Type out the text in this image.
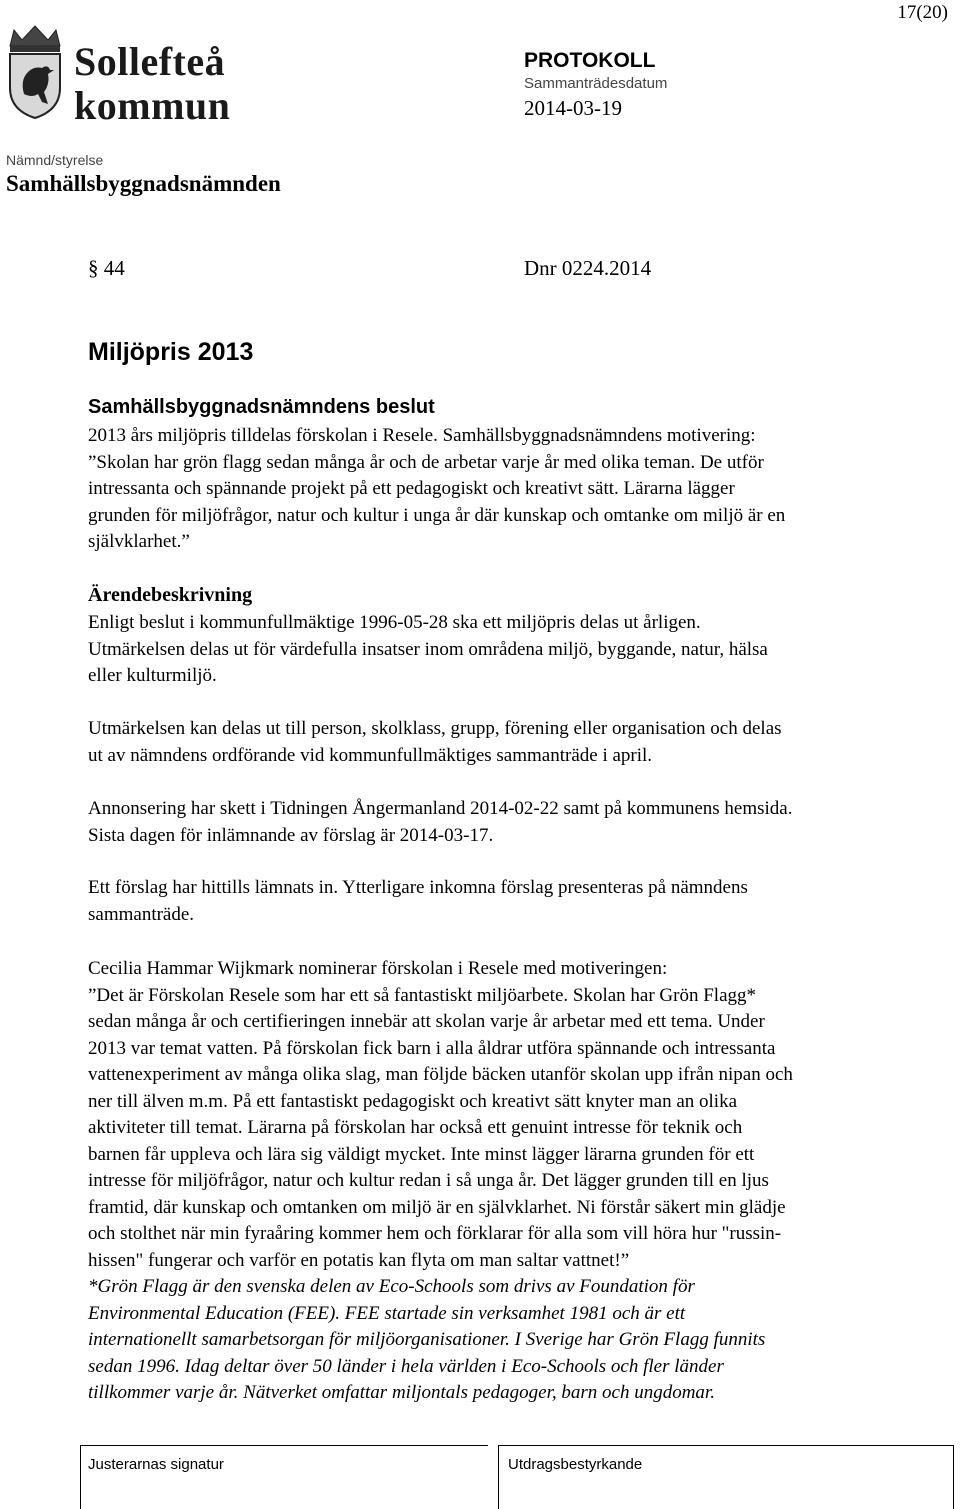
17(20)
Sollefteå
kommun
PROTOKOLL
Sammanträdesdatum
2014-03-19
Nämnd/styrelse
Samhällsbyggnadsnämnden
§ 44	Dnr 0224.2014
Miljöpris 2013
Samhällsbyggnadsnämndens beslut
2013 års miljöpris tilldelas förskolan i Resele. Samhällsbyggnadsnämndens motivering:
”Skolan har grön flagg sedan många år och de arbetar varje år med olika teman. De utför
intressanta och spännande projekt på ett pedagogiskt och kreativt sätt. Lärarna lägger
grunden för miljöfrågor, natur och kultur i unga år där kunskap och omtanke om miljö är en
självklarhet.”
Ärendebeskrivning
Enligt beslut i kommunfullmäktige 1996-05-28 ska ett miljöpris delas ut årligen.
Utmärkelsen delas ut för värdefulla insatser inom områdena miljö, byggande, natur, hälsa
eller kulturmiljö.
Utmärkelsen kan delas ut till person, skolklass, grupp, förening eller organisation och delas
ut av nämndens ordförande vid kommunfullmäktiges sammanträde i april.
Annonsering har skett i Tidningen Ångermanland 2014-02-22 samt på kommunens hemsida.
Sista dagen för inlämnande av förslag är 2014-03-17.
Ett förslag har hittills lämnats in. Ytterligare inkomna förslag presenteras på nämndens
sammanträde.
Cecilia Hammar Wijkmark nominerar förskolan i Resele med motiveringen:
”Det är Förskolan Resele som har ett så fantastiskt miljöarbete. Skolan har Grön Flagg*
sedan många år och certifieringen innebär att skolan varje år arbetar med ett tema. Under
2013 var temat vatten. På förskolan fick barn i alla åldrar utföra spännande och intressanta
vattenexperiment av många olika slag, man följde bäcken utanför skolan upp ifrån nipan och
ner till älven m.m. På ett fantastiskt pedagogiskt och kreativt sätt knyter man an olika
aktiviteter till temat. Lärarna på förskolan har också ett genuint intresse för teknik och
barnen får uppleva och lära sig väldigt mycket. Inte minst lägger lärarna grunden för ett
intresse för miljöfrågor, natur och kultur redan i så unga år. Det lägger grunden till en ljus
framtid, där kunskap och omtanken om miljö är en självklarhet. Ni förstår säkert min glädje
och stolthet när min fyraåring kommer hem och förklarar för alla som vill höra hur "russin-
hissen" fungerar och varför en potatis kan flyta om man saltar vattnet!”
*Grön Flagg är den svenska delen av Eco-Schools som drivs av Foundation för
Environmental Education (FEE). FEE startade sin verksamhet 1981 och är ett
internationellt samarbetsorgan för miljöorganisationer. I Sverige har Grön Flagg funnits
sedan 1996. Idag deltar över 50 länder i hela världen i Eco-Schools och fler länder
tillkommer varje år. Nätverket omfattar miljontals pedagoger, barn och ungdomar.
Justerarnas signatur	Utdragsbestyrkande
